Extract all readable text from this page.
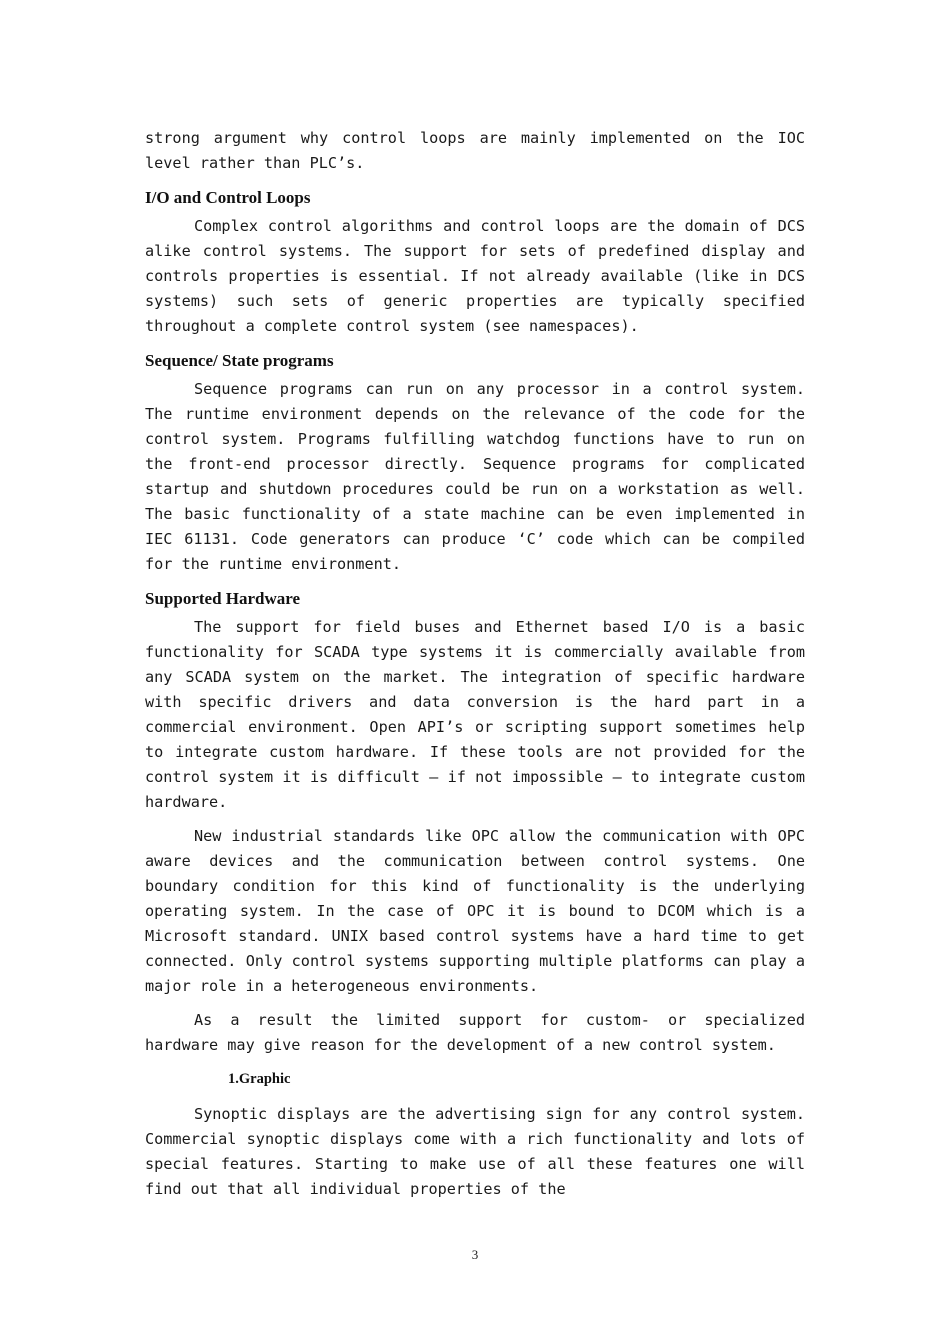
strong argument why control loops are mainly implemented on the IOC level rather than PLC’s.

I/O and Control Loops

Complex control algorithms and control loops are the domain of DCS alike control systems. The support for sets of predefined display and controls properties is essential. If not already available (like in DCS systems) such sets of generic properties are typically specified throughout a complete control system (see namespaces).

Sequence/ State programs

Sequence programs can run on any processor in a control system. The runtime environment depends on the relevance of the code for the control system. Programs fulfilling watchdog functions have to run on the front-end processor directly. Sequence programs for complicated startup and shutdown procedures could be run on a workstation as well. The basic functionality of a state machine can be even implemented in IEC 61131. Code generators can produce ‘C’ code which can be compiled for the runtime environment.

Supported Hardware

The support for field buses and Ethernet based I/O is a basic functionality for SCADA type systems it is commercially available from any SCADA system on the market. The integration of specific hardware with specific drivers and data conversion is the hard part in a commercial environment. Open API’s or scripting support sometimes help to integrate custom hardware. If these tools are not provided for the control system it is difficult – if not impossible – to integrate custom hardware.

New industrial standards like OPC allow the communication with OPC aware devices and the communication between control systems. One boundary condition for this kind of functionality is the underlying operating system. In the case of OPC it is bound to DCOM which is a Microsoft standard. UNIX based control systems have a hard time to get connected. Only control systems supporting multiple platforms can play a major role in a heterogeneous environments.

As a result the limited support for custom- or specialized hardware may give reason for the development of a new control system.

1.Graphic

Synoptic displays are the advertising sign for any control system. Commercial synoptic displays come with a rich functionality and lots of special features. Starting to make use of all these features one will find out that all individual properties of the

3
